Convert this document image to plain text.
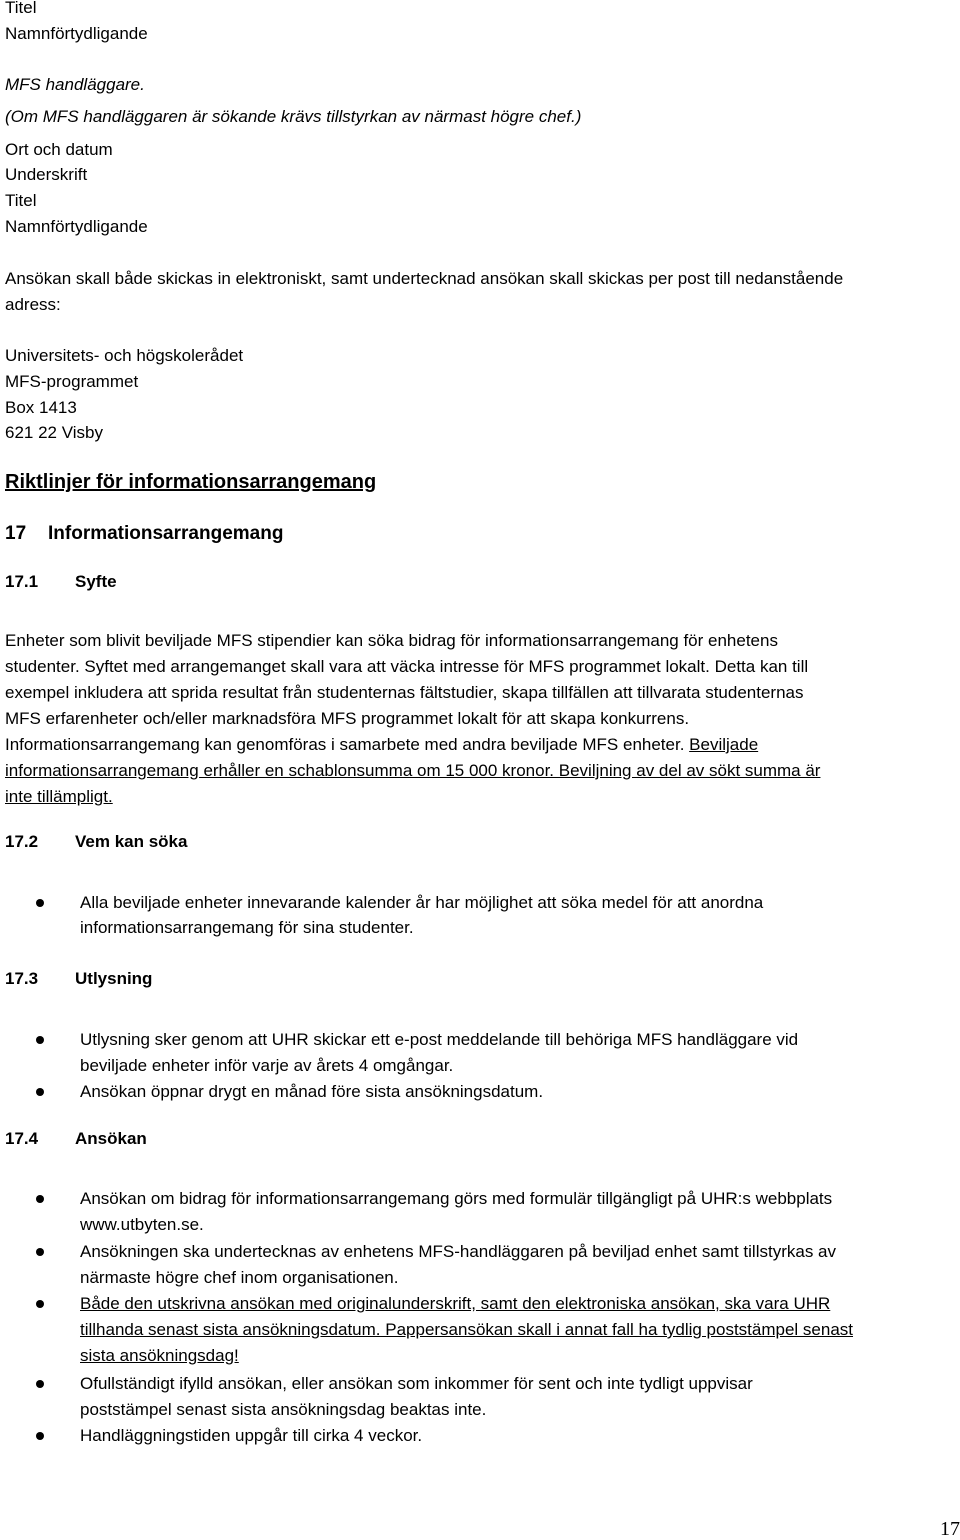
Titel

Namnförtydligande

MFS handläggare.

(Om MFS handläggaren är sökande krävs tillstyrkan av närmast högre chef.)

Ort och datum

Underskrift

Titel

Namnförtydligande

Ansökan skall både skickas in elektroniskt, samt undertecknad ansökan skall skickas per post till nedanstående

adress:

Universitets- och högskolerådet

MFS-programmet

Box 1413

621 22 Visby

Riktlinjer för informationsarrangemang

17 Informationsarrangemang

17.1 Syfte

Enheter som blivit beviljade MFS stipendier kan söka bidrag för informationsarrangemang för enhetens

studenter. Syftet med arrangemanget skall vara att väcka intresse för MFS programmet lokalt. Detta kan till

exempel inkludera att sprida resultat från studenternas fältstudier, skapa tillfällen att tillvarata studenternas

MFS erfarenheter och/eller marknadsföra MFS programmet lokalt för att skapa konkurrens.

Informationsarrangemang kan genomföras i samarbete med andra beviljade MFS enheter. Beviljade

informationsarrangemang erhåller en schablonsumma om 15 000 kronor. Beviljning av del av sökt summa är

inte tillämpligt.

17.2 Vem kan söka

Alla beviljade enheter innevarande kalender år har möjlighet att söka medel för att anordna

informationsarrangemang för sina studenter.

17.3 Utlysning

Utlysning sker genom att UHR skickar ett e-post meddelande till behöriga MFS handläggare vid

beviljade enheter inför varje av årets 4 omgångar.

Ansökan öppnar drygt en månad före sista ansökningsdatum.

17.4 Ansökan

Ansökan om bidrag för informationsarrangemang görs med formulär tillgängligt på UHR:s webbplats

www.utbyten.se.

Ansökningen ska undertecknas av enhetens MFS-handläggaren på beviljad enhet samt tillstyrkas av

närmaste högre chef inom organisationen.

Både den utskrivna ansökan med originalunderskrift, samt den elektroniska ansökan, ska vara UHR

tillhanda senast sista ansökningsdatum. Pappersansökan skall i annat fall ha tydlig poststämpel senast

sista ansökningsdag!

Ofullständigt ifylld ansökan, eller ansökan som inkommer för sent och inte tydligt uppvisar

poststämpel senast sista ansökningsdag beaktas inte.

Handläggningstiden uppgår till cirka 4 veckor.

17
